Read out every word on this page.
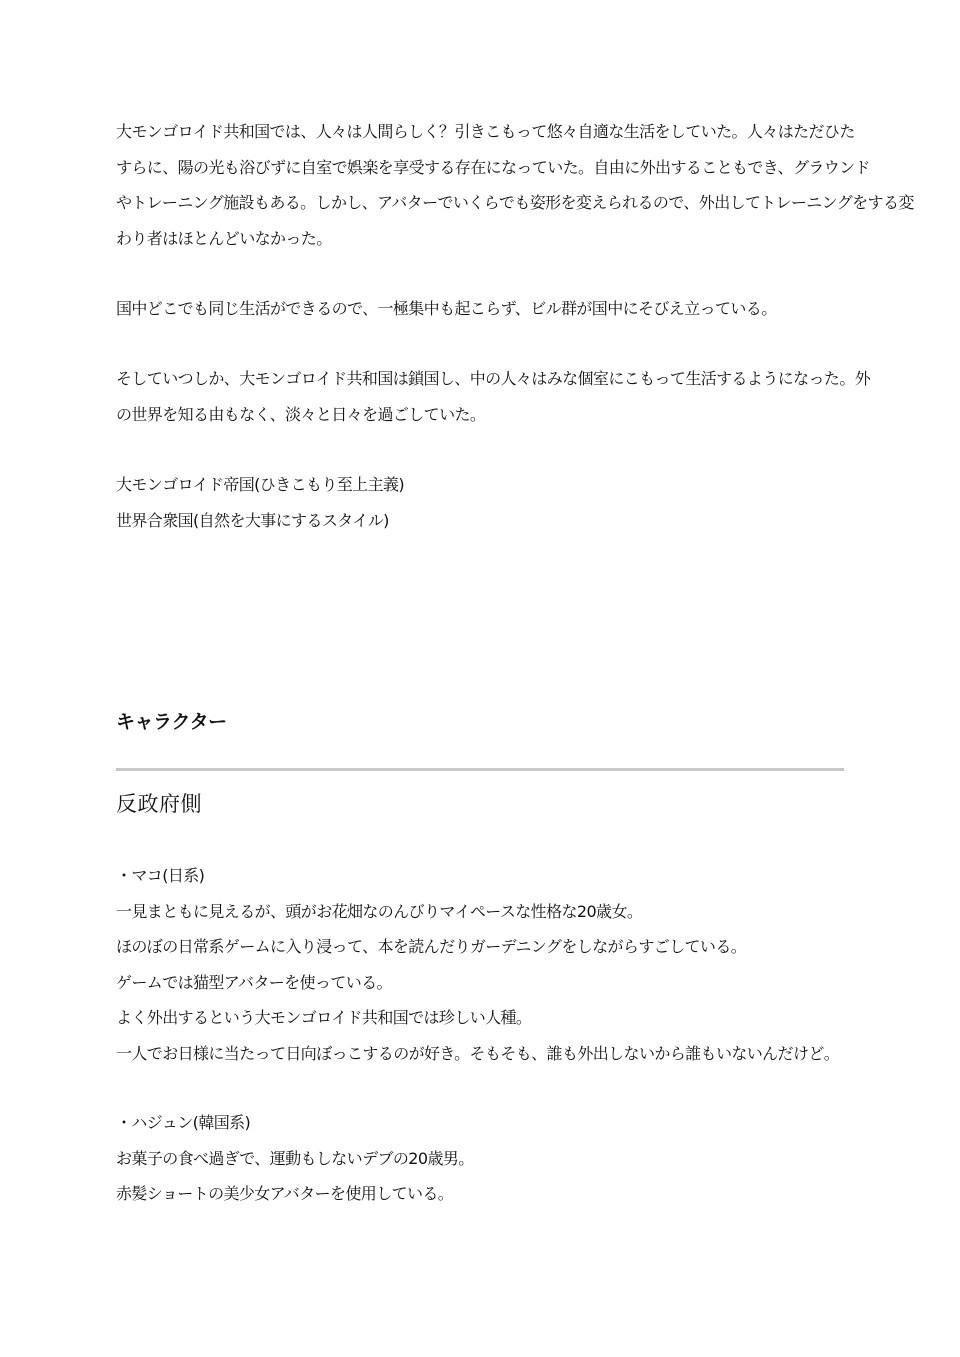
大モンゴロイド共和国では、人々は人間らしく？引きこもって悠々自適な生活をしていた。人々はただひた
すらに、陽の光も浴びずに自室で娯楽を享受する存在になっていた。自由に外出することもでき、グラウンド
やトレーニング施設もある。しかし、アバターでいくらでも姿形を変えられるので、外出してトレーニングをする変
わり者はほとんどいなかった。
国中どこでも同じ生活ができるので、一極集中も起こらず、ビル群が国中にそびえ立っている。
そしていつしか、大モンゴロイド共和国は鎖国し、中の人々はみな個室にこもって生活するようになった。外
の世界を知る由もなく、淡々と日々を過ごしていた。
大モンゴロイド帝国(ひきこもり至上主義)
世界合衆国(自然を大事にするスタイル)
キャラクター
反政府側
・マコ(日系)
一見まともに見えるが、頭がお花畑なのんびりマイペースな性格な20歳女。
ほのぼの日常系ゲームに入り浸って、本を読んだりガーデニングをしながらすごしている。
ゲームでは猫型アバターを使っている。
よく外出するという大モンゴロイド共和国では珍しい人種。
一人でお日様に当たって日向ぼっこするのが好き。そもそも、誰も外出しないから誰もいないんだけど。
・ハジュン(韓国系)
お菓子の食べ過ぎで、運動もしないデブの20歳男。
赤髪ショートの美少女アバターを使用している。
